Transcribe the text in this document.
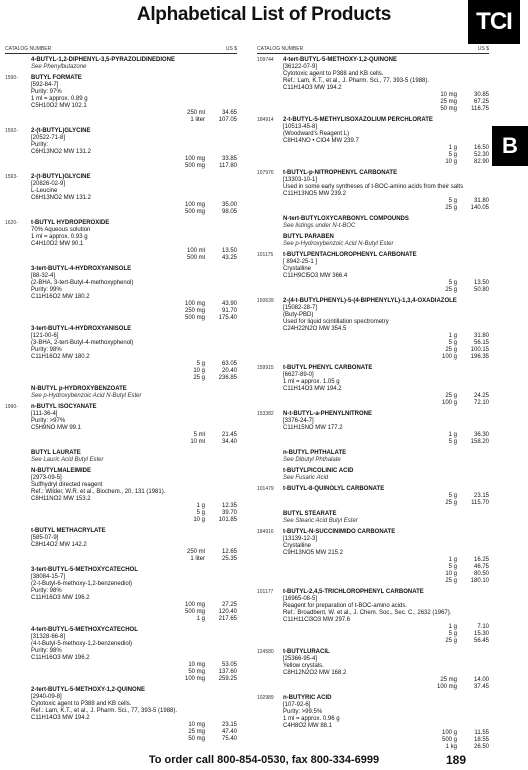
Alphabetical List of Products	TCI
B
CATALOG NUMBER	US $
4-BUTYL-1,2-DIPHENYL-3,5-PYRAZOLIDINEDIONE
See Phenylbutazone
1590-	BUTYL FORMATE
[592-84-7]
Purity: 97%
1 ml = approx. 0.89 g
C5H10O2 MW 102.1
250 ml	34.65
1 liter	107.05
1592-	2-(t-BUTYL)GLYCINE
[20522-71-8]
Purity:
C6H13NO2 MW 131.2
100 mg	33.85
500 mg	117.80
1593-	2-(t-BUTYL)GLYCINE
[20826-02-9]
L-Leucine
C6H13NO2 MW 131.2
100 mg	35.00
500 mg	98.05
1620-	t-BUTYL HYDROPEROXIDE
70% Aqueous solution
1 ml = approx. 0.93 g
C4H10O2 MW 90.1
100 ml	13.50
500 ml	43.25
3-tert-BUTYL-4-HYDROXYANISOLE
[88-32-4]
(2-BHA, 3-tert-Butyl-4-methoxyphenol)
Purity: 99%
C11H16O2 MW 180.2
100 mg	43.90
250 mg	91.70
500 mg	175.40
3-tert-BUTYL-4-HYDROXYANISOLE
[121-00-6]
(3-BHA, 2-tert-Butyl-4-methoxyphenol)
Purity: 98%
C11H16O2 MW 180.2
5 g	63.05
10 g	20.40
25 g	236.85
N-BUTYL p-HYDROXYBENZOATE
See p-Hydroxybenzoic Acid N-Butyl Ester
1990-	n-BUTYL ISOCYANATE
[111-36-4]
Purity: >97%
C5H9NO MW 99.1
5 ml	21.45
10 ml	34.40
BUTYL LAURATE
See Lauric Acid Butyl Ester
N-BUTYLMALEIMIDE
[2973-09-5]
Sulfhydryl directed reagent
Ref.: Wilder, W.R. et al., Biochem., 20, 131 (1981).
C8H11NO2 MW 153.2
1 g	12.35
5 g	39.70
10 g	101.85
t-BUTYL METHACRYLATE
[585-07-9]
C8H14O2 MW 142.2
250 ml	12.65
1 liter	25.35
3-tert-BUTYL-5-METHOXYCATECHOL
[38084-15-7]
(2-t-Butyl-6-methoxy-1,2-benzenediol)
Purity: 98%
C11H16O3 MW 196.2
100 mg	27.25
500 mg	120.40
1 g	217.65
4-tert-BUTYL-5-METHOXYCATECHOL
[31328-66-8]
(4-t-Butyl-5-methoxy-1,2-benzenediol)
Purity: 98%
C11H16O3 MW 196.2
10 mg	53.05
50 mg	137.60
100 mg	259.25
2-tert-BUTYL-5-METHOXY-1,2-QUINONE
[2940-09-8]
Cytotoxic agent to P388 and KB cells.
Ref.: Lam, K.T., et al., J. Pharm. Sci., 77, 393-5 (1988).
C11H14O3 MW 194.2
10 mg	23.15
25 mg	47.40
50 mg	75.40
CATALOG NUMBER	US $
109744	4-tert-BUTYL-5-METHOXY-1,2-QUINONE
[36122-07-9]
Cytotoxic agent to P388 and KB cells.
Ref.: Lam, K.T., et al., J. Pharm. Sci., 77, 393-5 (1988).
C11H14O3 MW 194.2
10 mg	30.85
25 mg	67.25
50 mg	116.75
184914	2-t-BUTYL-5-METHYLISOXAZOLIUM PERCHLORATE
[10513-45-8]
(Woodward's Reagent L)
C8H14NO • ClO4 MW 239.7
1 g	16.50
5 g	52.30
10 g	82.90
107976	t-BUTYL-p-NITROPHENYL CARBONATE
[13303-10-1]
Used in some early syntheses of t-BOC-amino acids from their salts
C11H13NO5 MW 239.2
5 g	31.80
25 g	140.05
N-tert-BUTYLOXYCARBONYL COMPOUNDS
See listings under N-t-BOC
BUTYL PARABEN
See p-Hydroxybenzoic Acid N-Butyl Ester
101175	t-BUTYLPENTACHLOROPHENYL CARBONATE
[ 8942-25-1 ]
Crystalline
C11H9Cl5O3 MW 366.4
5 g	13.50
25 g	50.80
150639	2-(4-t-BUTYLPHENYL)-5-(4-BIPHENYLYL)-1,3,4-OXADIAZOLE
[15082-28-7]
(Buty-PBD)
Used for liquid scintillation spectrometry
C24H22N2O MW 354.5
1 g	31.80
5 g	56.15
25 g	100.15
100 g	196.35
159915	t-BUTYL PHENYL CARBONATE
[6627-89-0]
1 ml = approx. 1.05 g
C11H14O3 MW 194.2
25 g	24.25
100 g	72.10
153382	N-t-BUTYL-a-PHENYLNITRONE
[3376-24-7]
C11H15NO MW 177.2
1 g	36.30
5 g	158.20
n-BUTYL PHTHALATE
See Dibutyl Phthalate
t-BUTYLPICOLINIC ACID
See Fusaric Acid
101479	t-BUTYL-8-QUINOLYL CARBONATE
5 g	23.15
25 g	115.70
BUTYL STEARATE
See Stearic Acid Butyl Ester
184916	t-BUTYL-N-SUCCINIMIDO CARBONATE
[13139-12-3]
Crystalline
C9H13NO5 MW 215.2
1 g	16.25
5 g	46.75
10 g	80.50
25 g	180.10
101177	t-BUTYL-2,4,5-TRICHLOROPHENYL CARBONATE
[16965-08-5]
Reagent for preparation of t-BOC-amino acids.
Ref.: Broadbent, W. et al., J. Chem. Soc., Sec. C., 2632 (1967).
C11H11Cl3O3 MW 297.6
1 g	7.10
5 g	15.30
25 g	56.45
124580	t-BUTYLURACIL
[25366-95-4]
Yellow crystals.
C8H12N2O2 MW 168.2
25 mg	14.00
100 mg	37.45
102989	n-BUTYRIC ACID
[107-92-6]
Purity: >99.5%
1 ml = approx. 0.96 g
C4H8O2 MW 88.1
100 g	11.55
500 g	18.55
1 kg	26.50
To order call 800-854-0530, fax 800-334-6999	189
